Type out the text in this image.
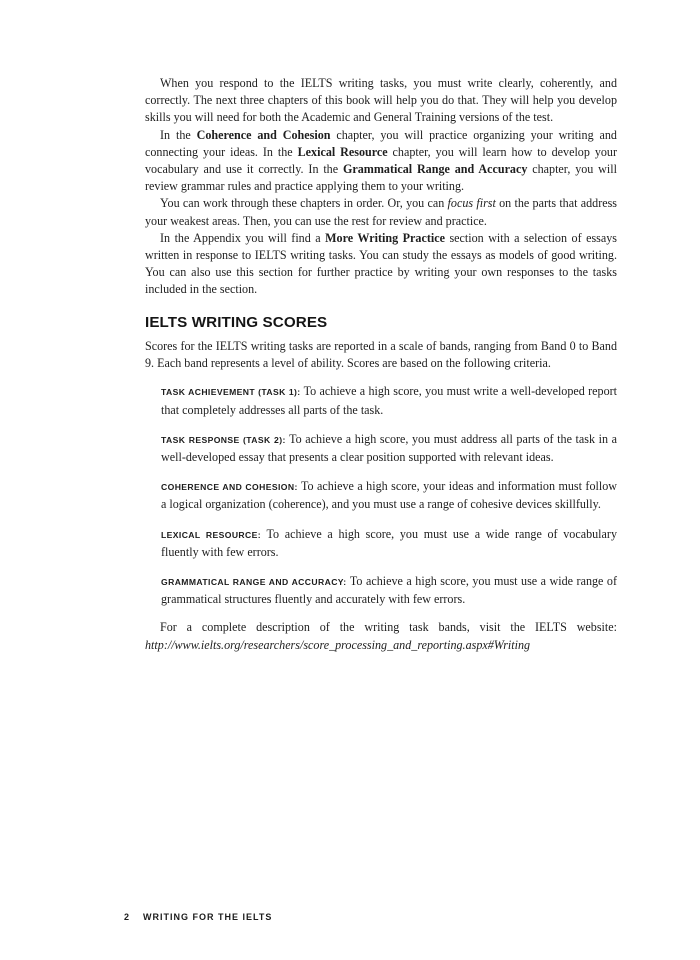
When you respond to the IELTS writing tasks, you must write clearly, coherently, and correctly. The next three chapters of this book will help you do that. They will help you develop skills you will need for both the Academic and General Training versions of the test.

In the Coherence and Cohesion chapter, you will practice organizing your writing and connecting your ideas. In the Lexical Resource chapter, you will learn how to develop your vocabulary and use it correctly. In the Grammatical Range and Accuracy chapter, you will review grammar rules and practice applying them to your writing.

You can work through these chapters in order. Or, you can focus first on the parts that address your weakest areas. Then, you can use the rest for review and practice.

In the Appendix you will find a More Writing Practice section with a selection of essays written in response to IELTS writing tasks. You can study the essays as models of good writing. You can also use this section for further practice by writing your own responses to the tasks included in the section.

IELTS WRITING SCORES

Scores for the IELTS writing tasks are reported in a scale of bands, ranging from Band 0 to Band 9. Each band represents a level of ability. Scores are based on the following criteria.

TASK ACHIEVEMENT (TASK 1): To achieve a high score, you must write a well-developed report that completely addresses all parts of the task.

TASK RESPONSE (TASK 2): To achieve a high score, you must address all parts of the task in a well-developed essay that presents a clear position supported with relevant ideas.

COHERENCE AND COHESION: To achieve a high score, your ideas and information must follow a logical organization (coherence), and you must use a range of cohesive devices skillfully.

LEXICAL RESOURCE: To achieve a high score, you must use a wide range of vocabulary fluently with few errors.

GRAMMATICAL RANGE AND ACCURACY: To achieve a high score, you must use a wide range of grammatical structures fluently and accurately with few errors.

For a complete description of the writing task bands, visit the IELTS website: http://www.ielts.org/researchers/score_processing_and_reporting.aspx#Writing

2 WRITING FOR THE IELTS
